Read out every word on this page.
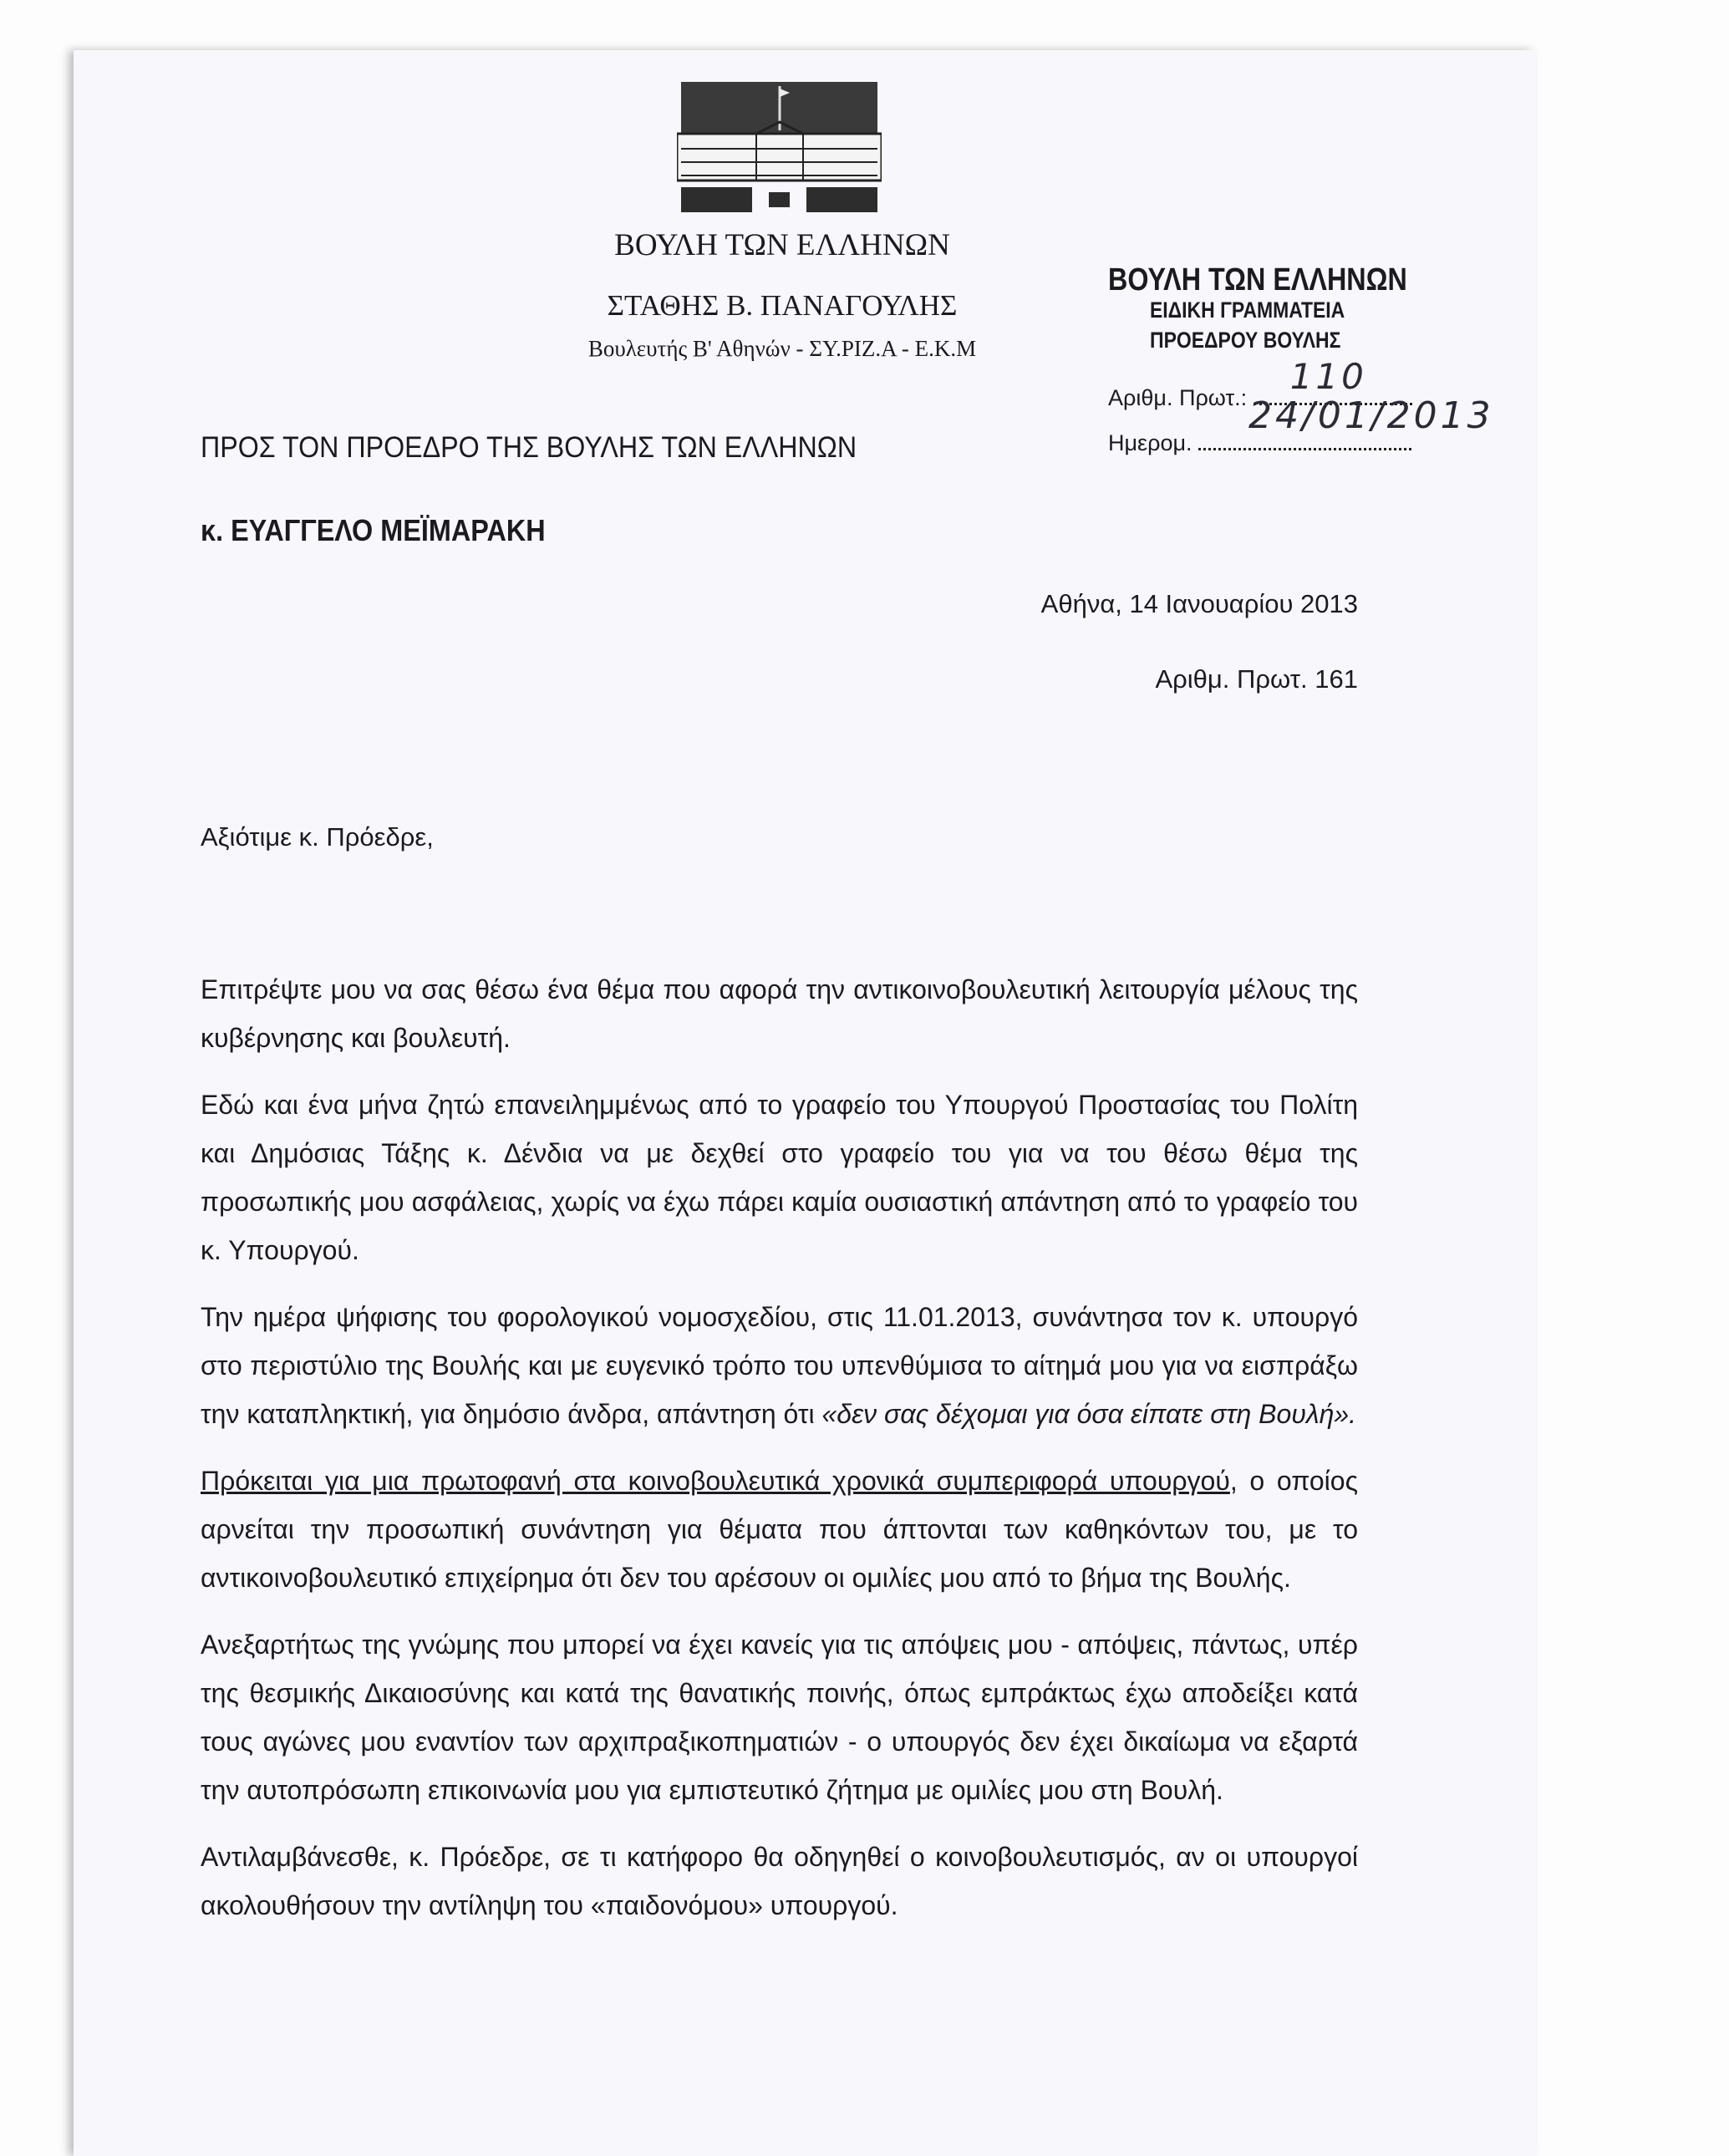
ΒΟΥΛΗ ΤΩΝ ΕΛΛΗΝΩΝ
ΣΤΑΘΗΣ Β. ΠΑΝΑΓΟΥΛΗΣ
Βουλευτής Β' Αθηνών - ΣΥ.ΡΙΖ.Α - Ε.Κ.Μ
ΒΟΥΛΗ ΤΩΝ ΕΛΛΗΝΩΝ
ΕΙΔΙΚΗ ΓΡΑΜΜΑΤΕΙΑ
ΠΡΟΕΔΡΟΥ ΒΟΥΛΗΣ
Αριθμ. Πρωτ.:
110
Ημερομ.
24/01/2013
ΠΡΟΣ ΤΟΝ ΠΡΟΕΔΡΟ ΤΗΣ ΒΟΥΛΗΣ ΤΩΝ ΕΛΛΗΝΩΝ
κ. ΕΥΑΓΓΕΛΟ ΜΕΪΜΑΡΑΚΗ
Αθήνα, 14 Ιανουαρίου 2013
Αριθμ. Πρωτ. 161
Αξιότιμε κ. Πρόεδρε,

Επιτρέψτε μου να σας θέσω ένα θέμα που αφορά την αντικοινοβουλευτική λειτουργία μέλους της κυβέρνησης και βουλευτή.

Εδώ και ένα μήνα ζητώ επανειλημμένως από το γραφείο του Υπουργού Προστασίας του Πολίτη και Δημόσιας Τάξης κ. Δένδια να με δεχθεί στο γραφείο του για να του θέσω θέμα της προσωπικής μου ασφάλειας, χωρίς να έχω πάρει καμία ουσιαστική απάντηση από το γραφείο του κ. Υπουργού.

Την ημέρα ψήφισης του φορολογικού νομοσχεδίου, στις 11.01.2013, συνάντησα τον κ. υπουργό στο περιστύλιο της Βουλής και με ευγενικό τρόπο του υπενθύμισα το αίτημά μου για να εισπράξω την καταπληκτική, για δημόσιο άνδρα, απάντηση ότι «δεν σας δέχομαι για όσα είπατε στη Βουλή».

Πρόκειται για μια πρωτοφανή στα κοινοβουλευτικά χρονικά συμπεριφορά υπουργού, ο οποίος αρνείται την προσωπική συνάντηση για θέματα που άπτονται των καθηκόντων του, με το αντικοινοβουλευτικό επιχείρημα ότι δεν του αρέσουν οι ομιλίες μου από το βήμα της Βουλής.

Ανεξαρτήτως της γνώμης που μπορεί να έχει κανείς για τις απόψεις μου - απόψεις, πάντως, υπέρ της θεσμικής Δικαιοσύνης και κατά της θανατικής ποινής, όπως εμπράκτως έχω αποδείξει κατά τους αγώνες μου εναντίον των αρχιπραξικοπηματιών - ο υπουργός δεν έχει δικαίωμα να εξαρτά την αυτοπρόσωπη επικοινωνία μου για εμπιστευτικό ζήτημα με ομιλίες μου στη Βουλή.

Αντιλαμβάνεσθε, κ. Πρόεδρε, σε τι κατήφορο θα οδηγηθεί ο κοινοβουλευτισμός, αν οι υπουργοί ακολουθήσουν την αντίληψη του «παιδονόμου» υπουργού.
